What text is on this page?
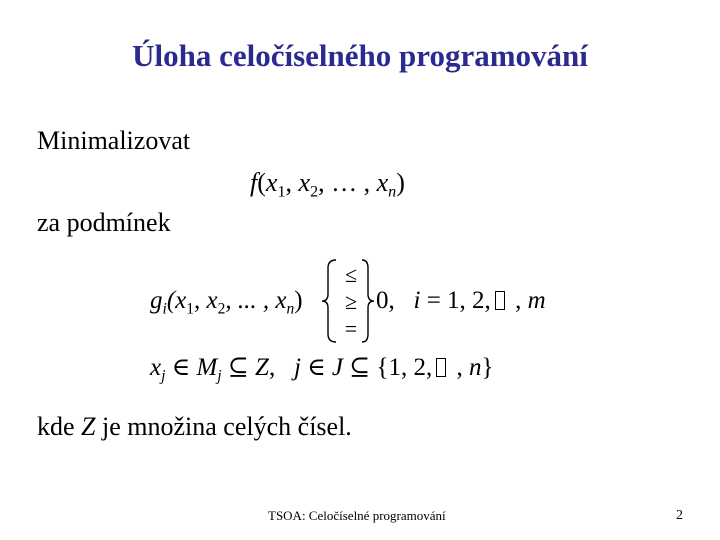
Úloha celočíselného programování
Minimalizovat
$f(x_1$, $x_2$, … , $x_n$)
za podmínek
$g_i(x_1$, $x_2$, ... , $x_n$)
≤
≥
=
0, i = 1, 2, , m
$x_j$ ∈ $M_j$ ⊆ Z, j ∈ J ⊆ {1, 2, , n}
kde Z je množina celých čísel.
TSOA: Celočíselné programování	2
